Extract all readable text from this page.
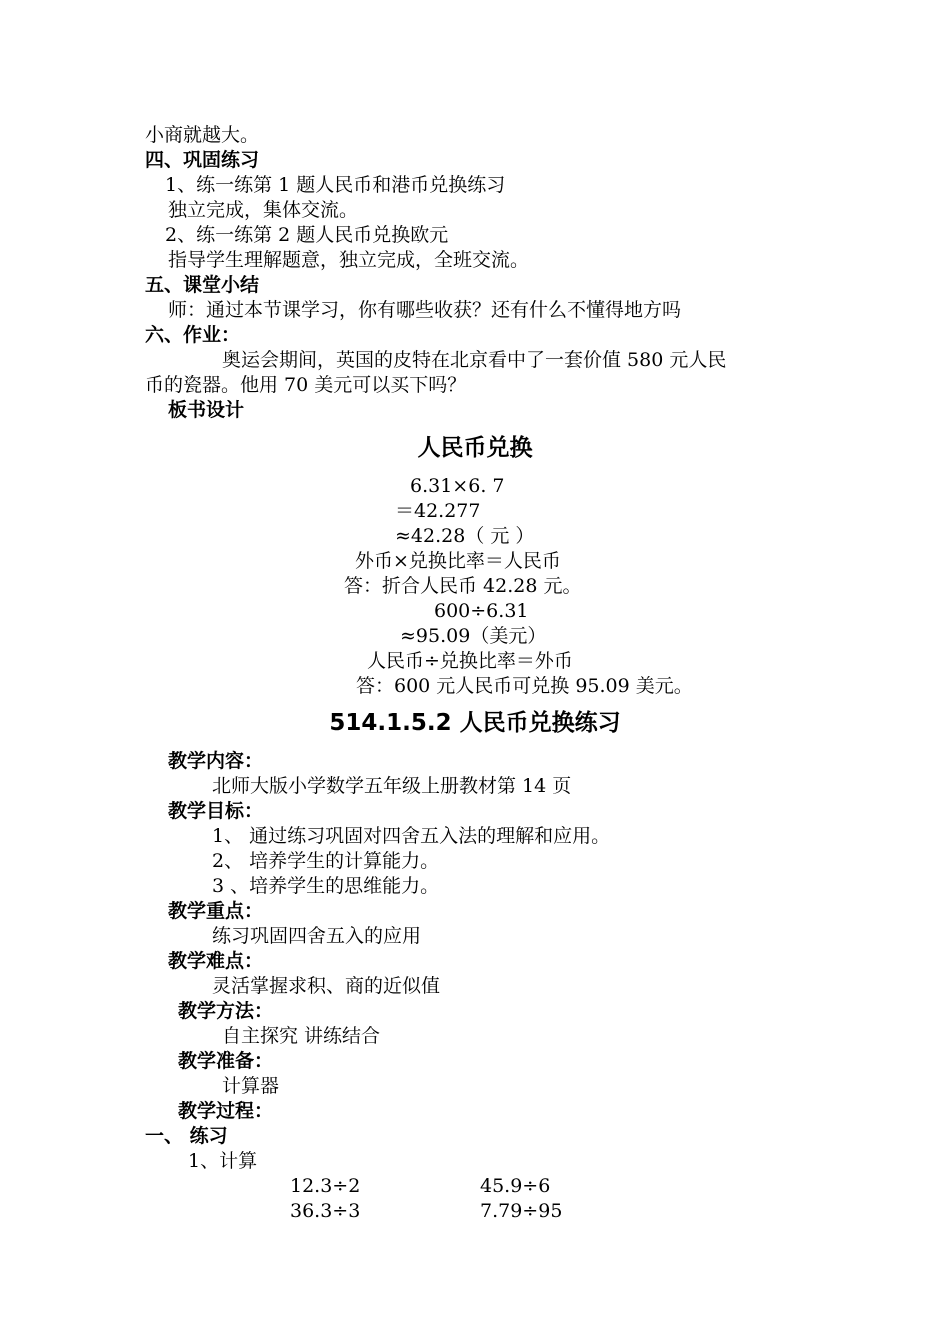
小商就越大。
四、巩固练习
1、练一练第 1 题人民币和港币兑换练习
独立完成，集体交流。
2、练一练第 2 题人民币兑换欧元
指导学生理解题意，独立完成，全班交流。
五、课堂小结
师：通过本节课学习，你有哪些收获？还有什么不懂得地方吗
六、作业：
奥运会期间，英国的皮特在北京看中了一套价值 580 元人民
币的瓷器。他用 70 美元可以买下吗？
板书设计
人民币兑换
6.31×6. 7
＝42.277
≈42.28（ 元 ）
外币×兑换比率＝人民币
答：折合人民币 42.28 元。
600÷6.31
≈95.09（美元）
人民币÷兑换比率＝外币
答：600 元人民币可兑换 95.09 美元。
514.1.5.2 人民币兑换练习
教学内容：
北师大版小学数学五年级上册教材第 14 页
教学目标：
1、 通过练习巩固对四舍五入法的理解和应用。
2、 培养学生的计算能力。
3 、培养学生的思维能力。
教学重点：
练习巩固四舍五入的应用
教学难点：
灵活掌握求积、商的近似值
教学方法：
自主探究 讲练结合
教学准备：
计算器
教学过程：
一、 练习
1、计算
12.3÷2	45.9÷6
36.3÷3	7.79÷95
